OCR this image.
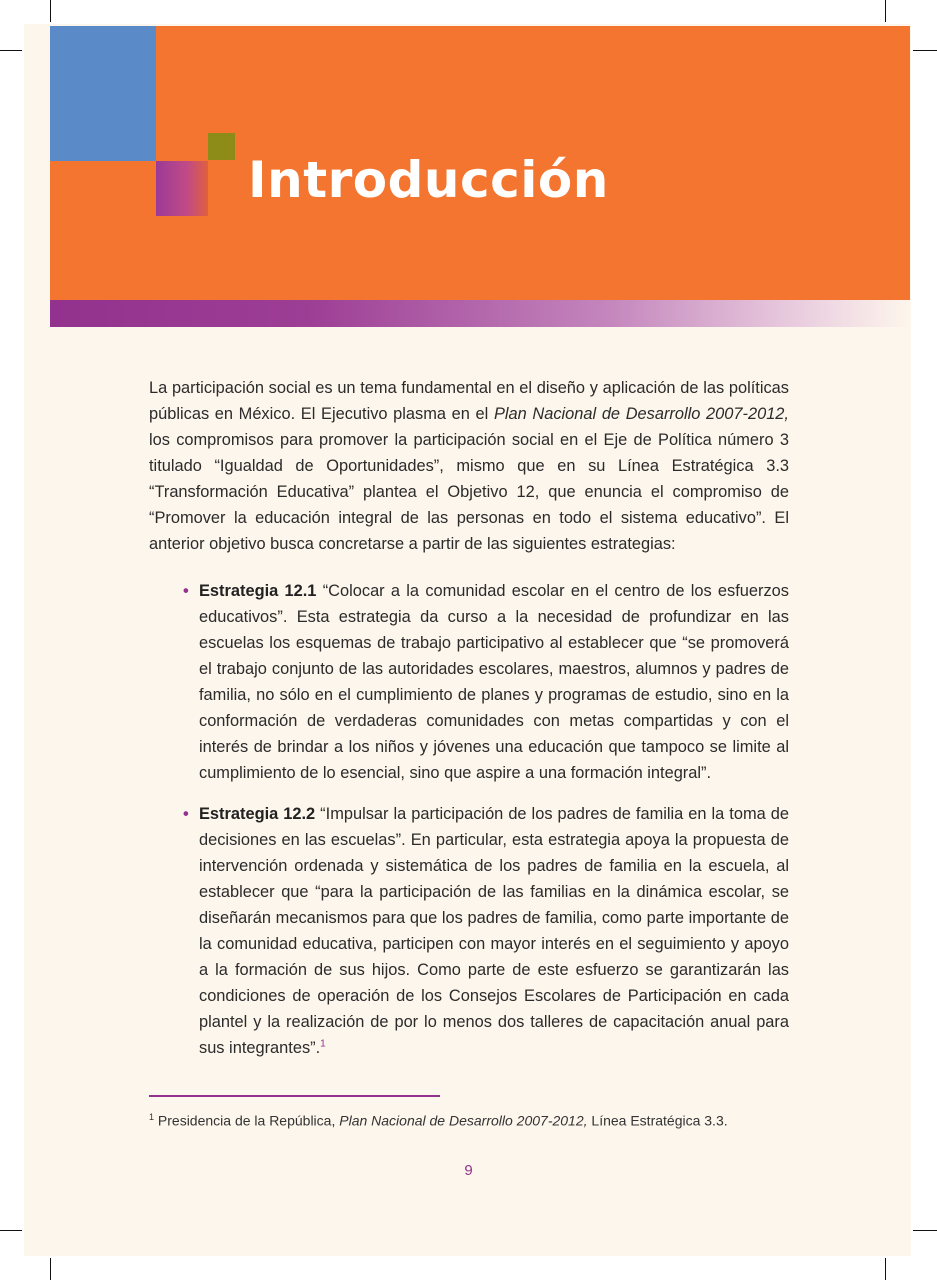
Introducción

La participación social es un tema fundamental en el diseño y aplicación de las políticas públicas en México. El Ejecutivo plasma en el Plan Nacional de Desarrollo 2007-2012, los compromisos para promover la participación social en el Eje de Política número 3 titulado “Igualdad de Oportunidades”, mismo que en su Línea Estratégica 3.3 “Transformación Educativa” plantea el Objetivo 12, que enuncia el compromiso de “Promover la educación integral de las personas en todo el sistema educativo”. El anterior objetivo busca concretarse a partir de las siguientes estrategias:

• Estrategia 12.1 “Colocar a la comunidad escolar en el centro de los esfuerzos educativos”. Esta estrategia da curso a la necesidad de profundizar en las escuelas los esquemas de trabajo participativo al establecer que “se promoverá el trabajo conjunto de las autoridades escolares, maestros, alumnos y padres de familia, no sólo en el cumplimiento de planes y programas de estudio, sino en la conformación de verdaderas comunidades con metas compartidas y con el interés de brindar a los niños y jóvenes una educación que tampoco se limite al cumplimiento de lo esencial, sino que aspire a una formación integral”.
• Estrategia 12.2 “Impulsar la participación de los padres de familia en la toma de decisiones en las escuelas”. En particular, esta estrategia apoya la propuesta de intervención ordenada y sistemática de los padres de familia en la escuela, al establecer que “para la participación de las familias en la dinámica escolar, se diseñarán mecanismos para que los padres de familia, como parte importante de la comunidad educativa, participen con mayor interés en el seguimiento y apoyo a la formación de sus hijos. Como parte de este esfuerzo se garantizarán las condiciones de operación de los Consejos Escolares de Participación en cada plantel y la realización de por lo menos dos talleres de capacitación anual para sus integrantes”.$^1$
$^1$ Presidencia de la República, Plan Nacional de Desarrollo 2007-2012, Línea Estratégica 3.3.
9
